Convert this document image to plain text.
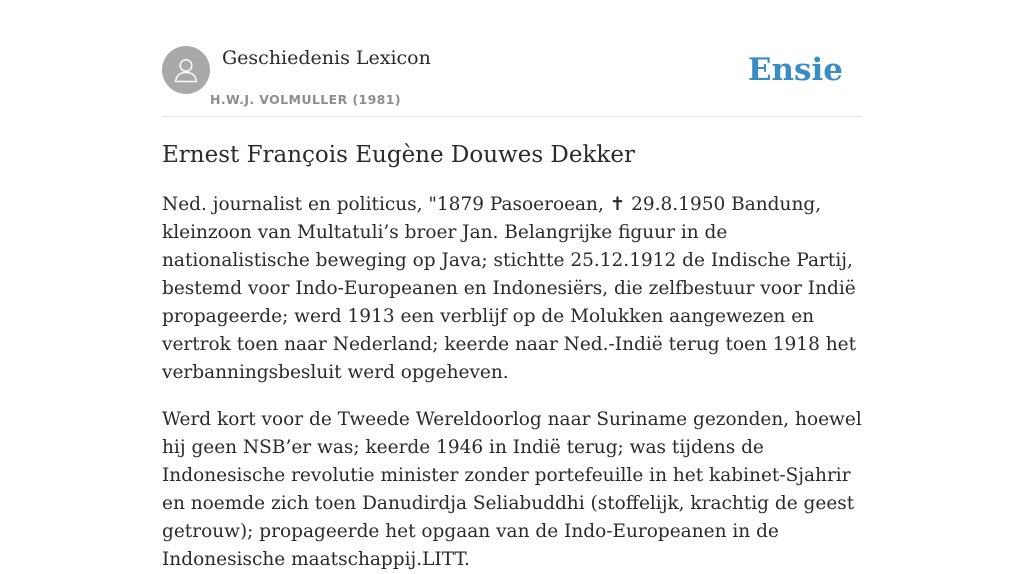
Geschiedenis Lexicon
H.W.J. VOLMULLER (1981)
Ensie
Ernest François Eugène Douwes Dekker

Ned. journalist en politicus, "1879 Pasoeroean, ✝ 29.8.1950 Bandung, kleinzoon van Multatuli’s broer Jan. Belangrijke figuur in de nationalistische beweging op Java; stichtte 25.12.1912 de Indische Partij, bestemd voor Indo-Europeanen en Indonesiërs, die zelfbestuur voor Indië propageerde; werd 1913 een verblijf op de Molukken aangewezen en vertrok toen naar Nederland; keerde naar Ned.-Indië terug toen 1918 het verbanningsbesluit werd opgeheven.

Werd kort voor de Tweede Wereldoorlog naar Suriname gezonden, hoewel hij geen NSB’er was; keerde 1946 in Indië terug; was tijdens de Indonesische revolutie minister zonder portefeuille in het kabinet-Sjahrir en noemde zich toen Danudirdja Seliabuddhi (stoffelijk, krachtig de geest getrouw); propageerde het opgaan van de Indo-Europeanen in de Indonesische maatschappij.LITT.
